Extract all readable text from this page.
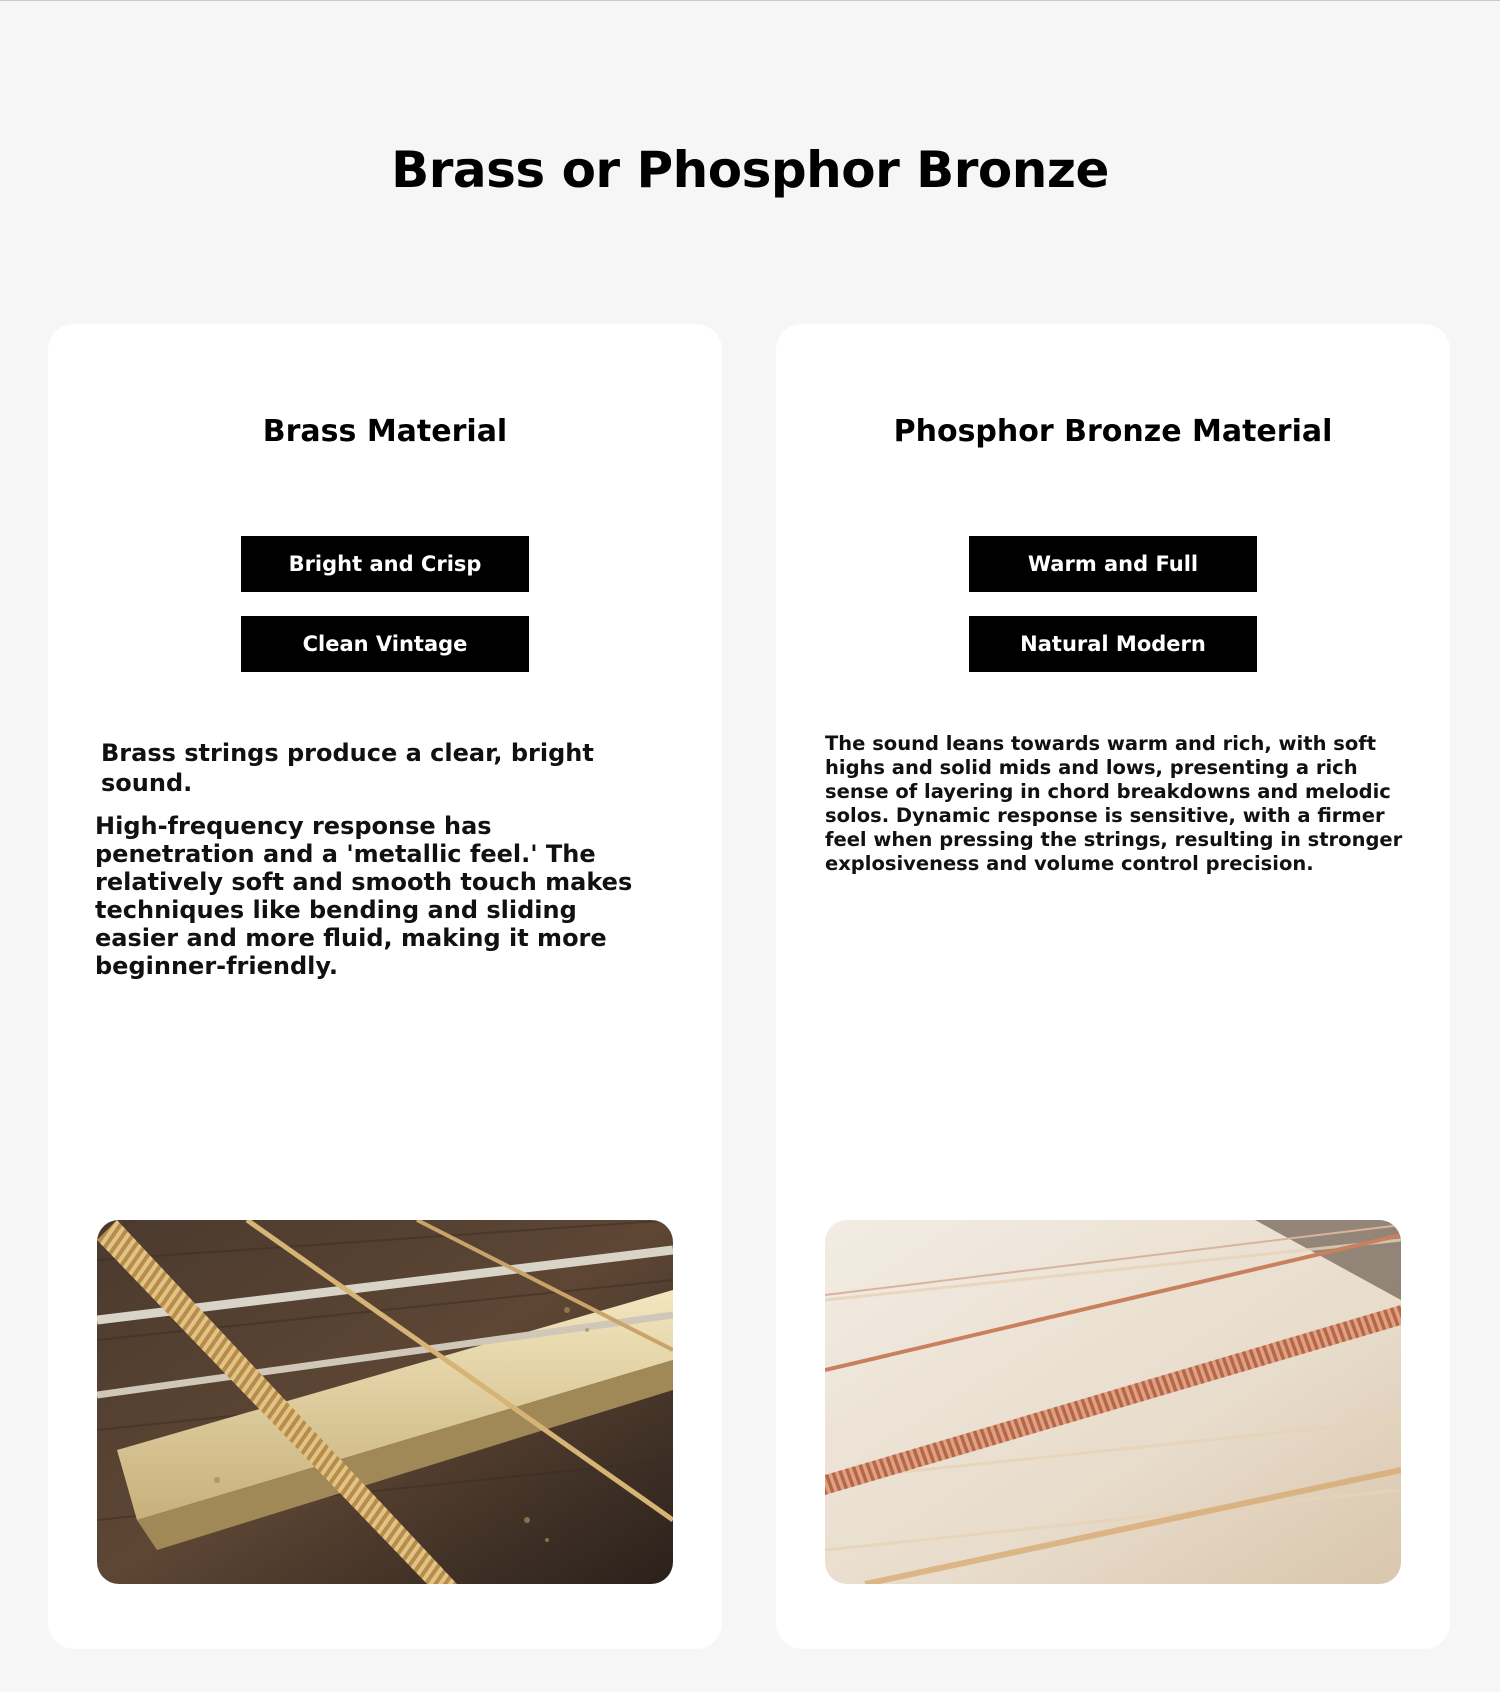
Brass or Phosphor Bronze
Brass Material
Bright and Crisp
Clean Vintage

Brass strings produce a clear, bright sound.

High-frequency response has penetration and a 'metallic feel.' The relatively soft and smooth touch makes techniques like bending and sliding easier and more fluid, making it more beginner-friendly.

Phosphor Bronze Material
Warm and Full
Natural Modern

The sound leans towards warm and rich, with soft highs and solid mids and lows, presenting a rich sense of layering in chord breakdowns and melodic solos. Dynamic response is sensitive, with a firmer feel when pressing the strings, resulting in stronger explosiveness and volume control precision.
